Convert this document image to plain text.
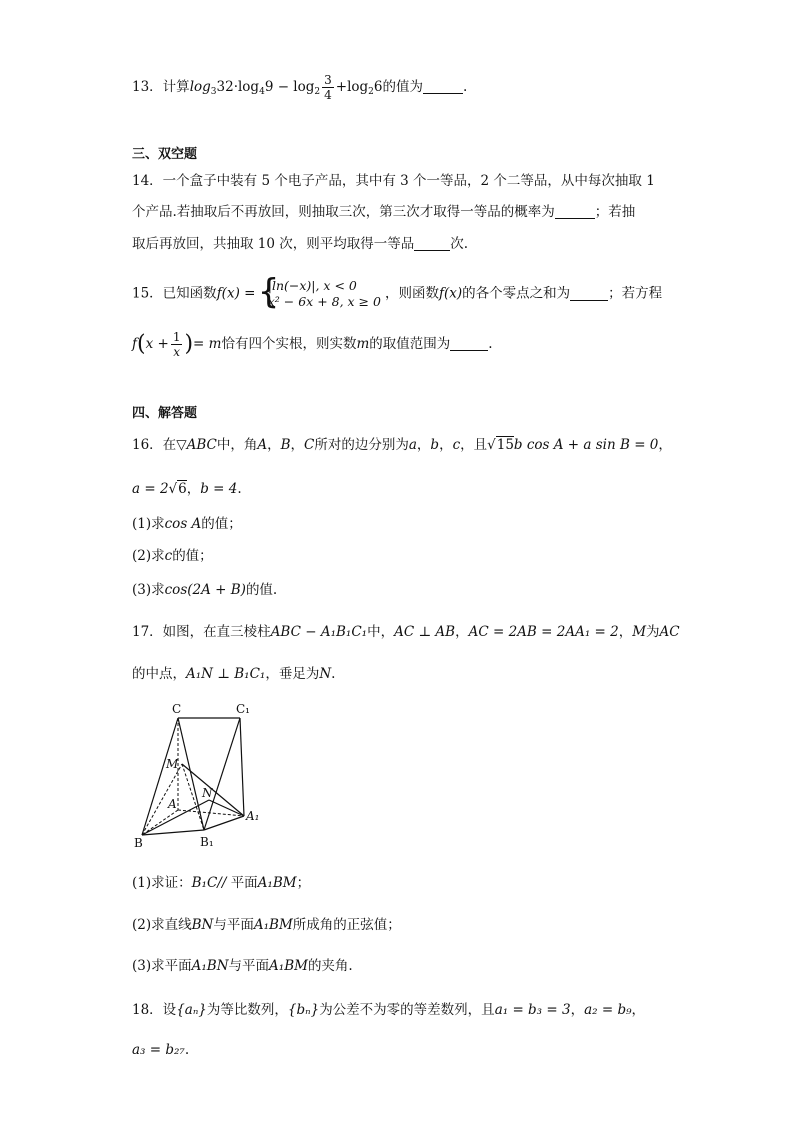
13．计算$\log_332\cdot\log_49 - \log_2 \frac{3}{4} +\log_26$的值为	.
三、双空题
14．一个盒子中装有 5 个电子产品，其中有 3 个一等品，2 个二等品，从中每次抽取 1
个产品.若抽取后不再放回，则抽取三次，第三次才取得一等品的概率为	；若抽
取后再放回，共抽取 10 次，则平均取得一等品	次.
15．已知函数f(x) =
{ |ln(−x)|, x < 0
x² − 6x + 8, x ≥ 0 ，则函数f(x)的各个零点之和为	；若方程
$f(x + \frac{1}{x}$ )= m恰有四个实根，则实数m的取值范围为	.
四、解答题
16．在▽ABC中，角A，B，C所对的边分别为a，b，c，且√15b cos A + a sin B = 0，
a = 2√6，b = 4.
(1)求cos A的值；
(2)求c的值；
(3)求cos(2A + B)的值.
17．如图，在直三棱柱ABC − A₁B₁C₁中，AC ⊥ AB，AC = 2AB = 2AA₁ = 2，M为AC
的中点，A₁N ⊥ B₁C₁，垂足为N.
C	C₁
M
A
N
A₁
B	B₁
(1)求证：B₁C// 平面A₁BM；
(2)求直线BN与平面A₁BM所成角的正弦值；
(3)求平面A₁BN与平面A₁BM的夹角.
18．设{aₙ}为等比数列，{bₙ}为公差不为零的等差数列，且a₁ = b₃ = 3，a₂ = b₉，
a₃ = b₂₇.
